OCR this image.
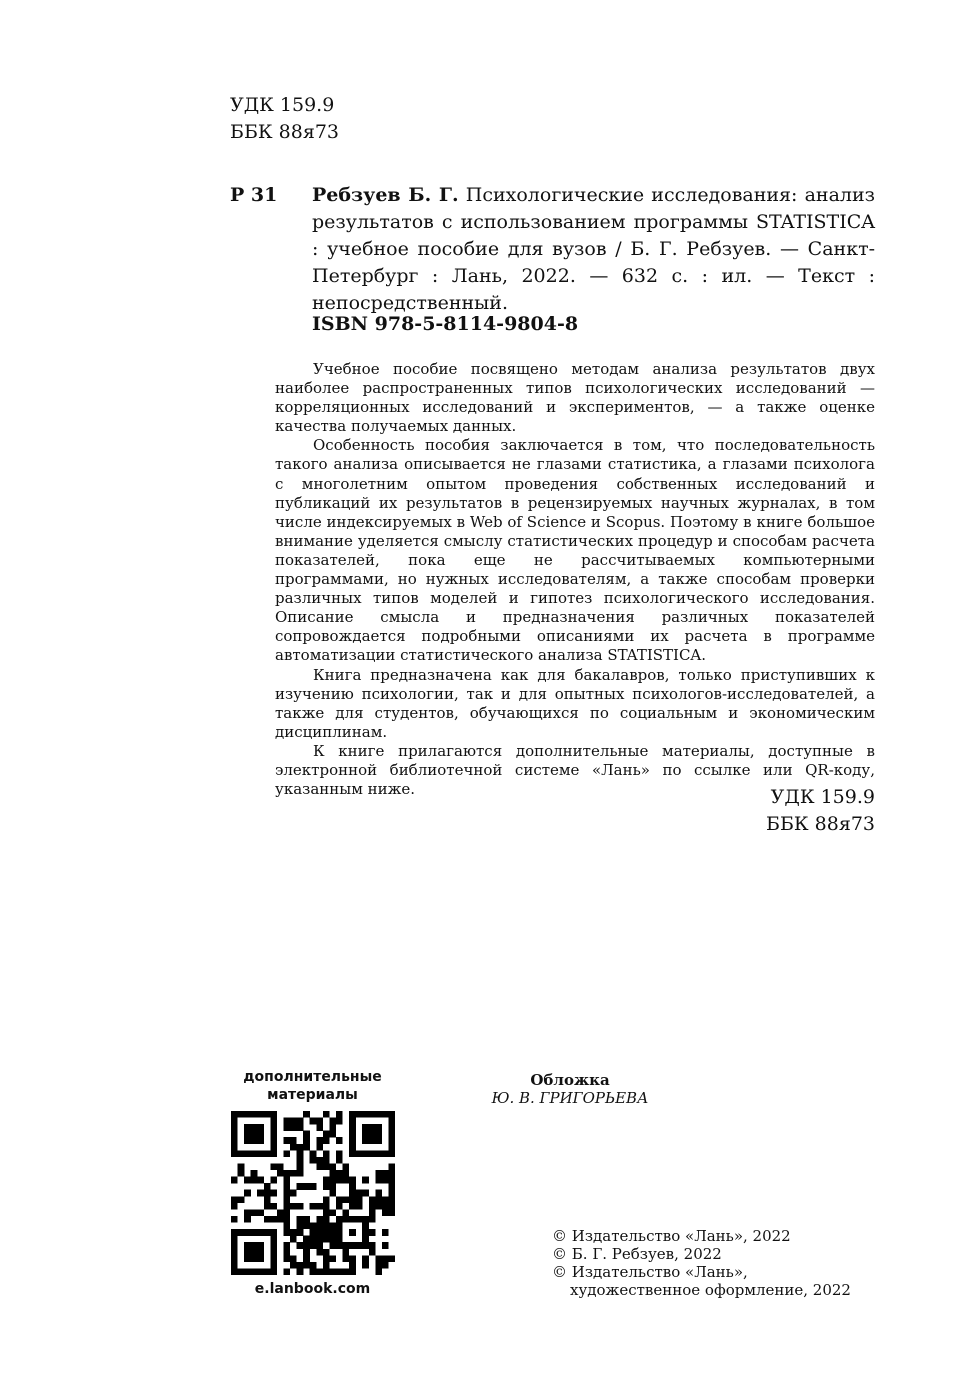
УДК 159.9
ББК 88я73
Р 31 Ребзуев Б. Г. Психологические исследования: анализ результатов с использованием программы STATISTICA : учебное пособие для вузов / Б. Г. Ребзуев. — Санкт-Петербург : Лань, 2022. — 632 с. : ил. — Текст : непосредственный.
ISBN 978-5-8114-9804-8

Учебное пособие посвящено методам анализа результатов двух наиболее распространенных типов психологических исследований — корреляционных исследований и экспериментов, — а также оценке качества получаемых данных.

Особенность пособия заключается в том, что последовательность такого анализа описывается не глазами статистика, а глазами психолога с многолетним опытом проведения собственных исследований и публикаций их результатов в рецензируемых научных журналах, в том числе индексируемых в Web of Science и Scopus. Поэтому в книге большое внимание уделяется смыслу статистических процедур и способам расчета показателей, пока еще не рассчитываемых компьютерными программами, но нужных исследователям, а также способам проверки различных типов моделей и гипотез психологического исследования. Описание смысла и предназначения различных показателей сопровождается подробными описаниями их расчета в программе автоматизации статистического анализа STATISTICA.

Книга предназначена как для бакалавров, только приступивших к изучению психологии, так и для опытных психологов-исследователей, а также для студентов, обучающихся по социальным и экономическим дисциплинам.

К книге прилагаются дополнительные материалы, доступные в электронной библиотечной системе «Лань» по ссылке или QR-коду, указанным ниже.	УДК 159.9
ББК 88я73
дополнительные
материалы
e.lanbook.com
Обложка
Ю. В. ГРИГОРЬЕВА
© Издательство «Лань», 2022
© Б. Г. Ребзуев, 2022
© Издательство «Лань»,
художественное оформление, 2022
